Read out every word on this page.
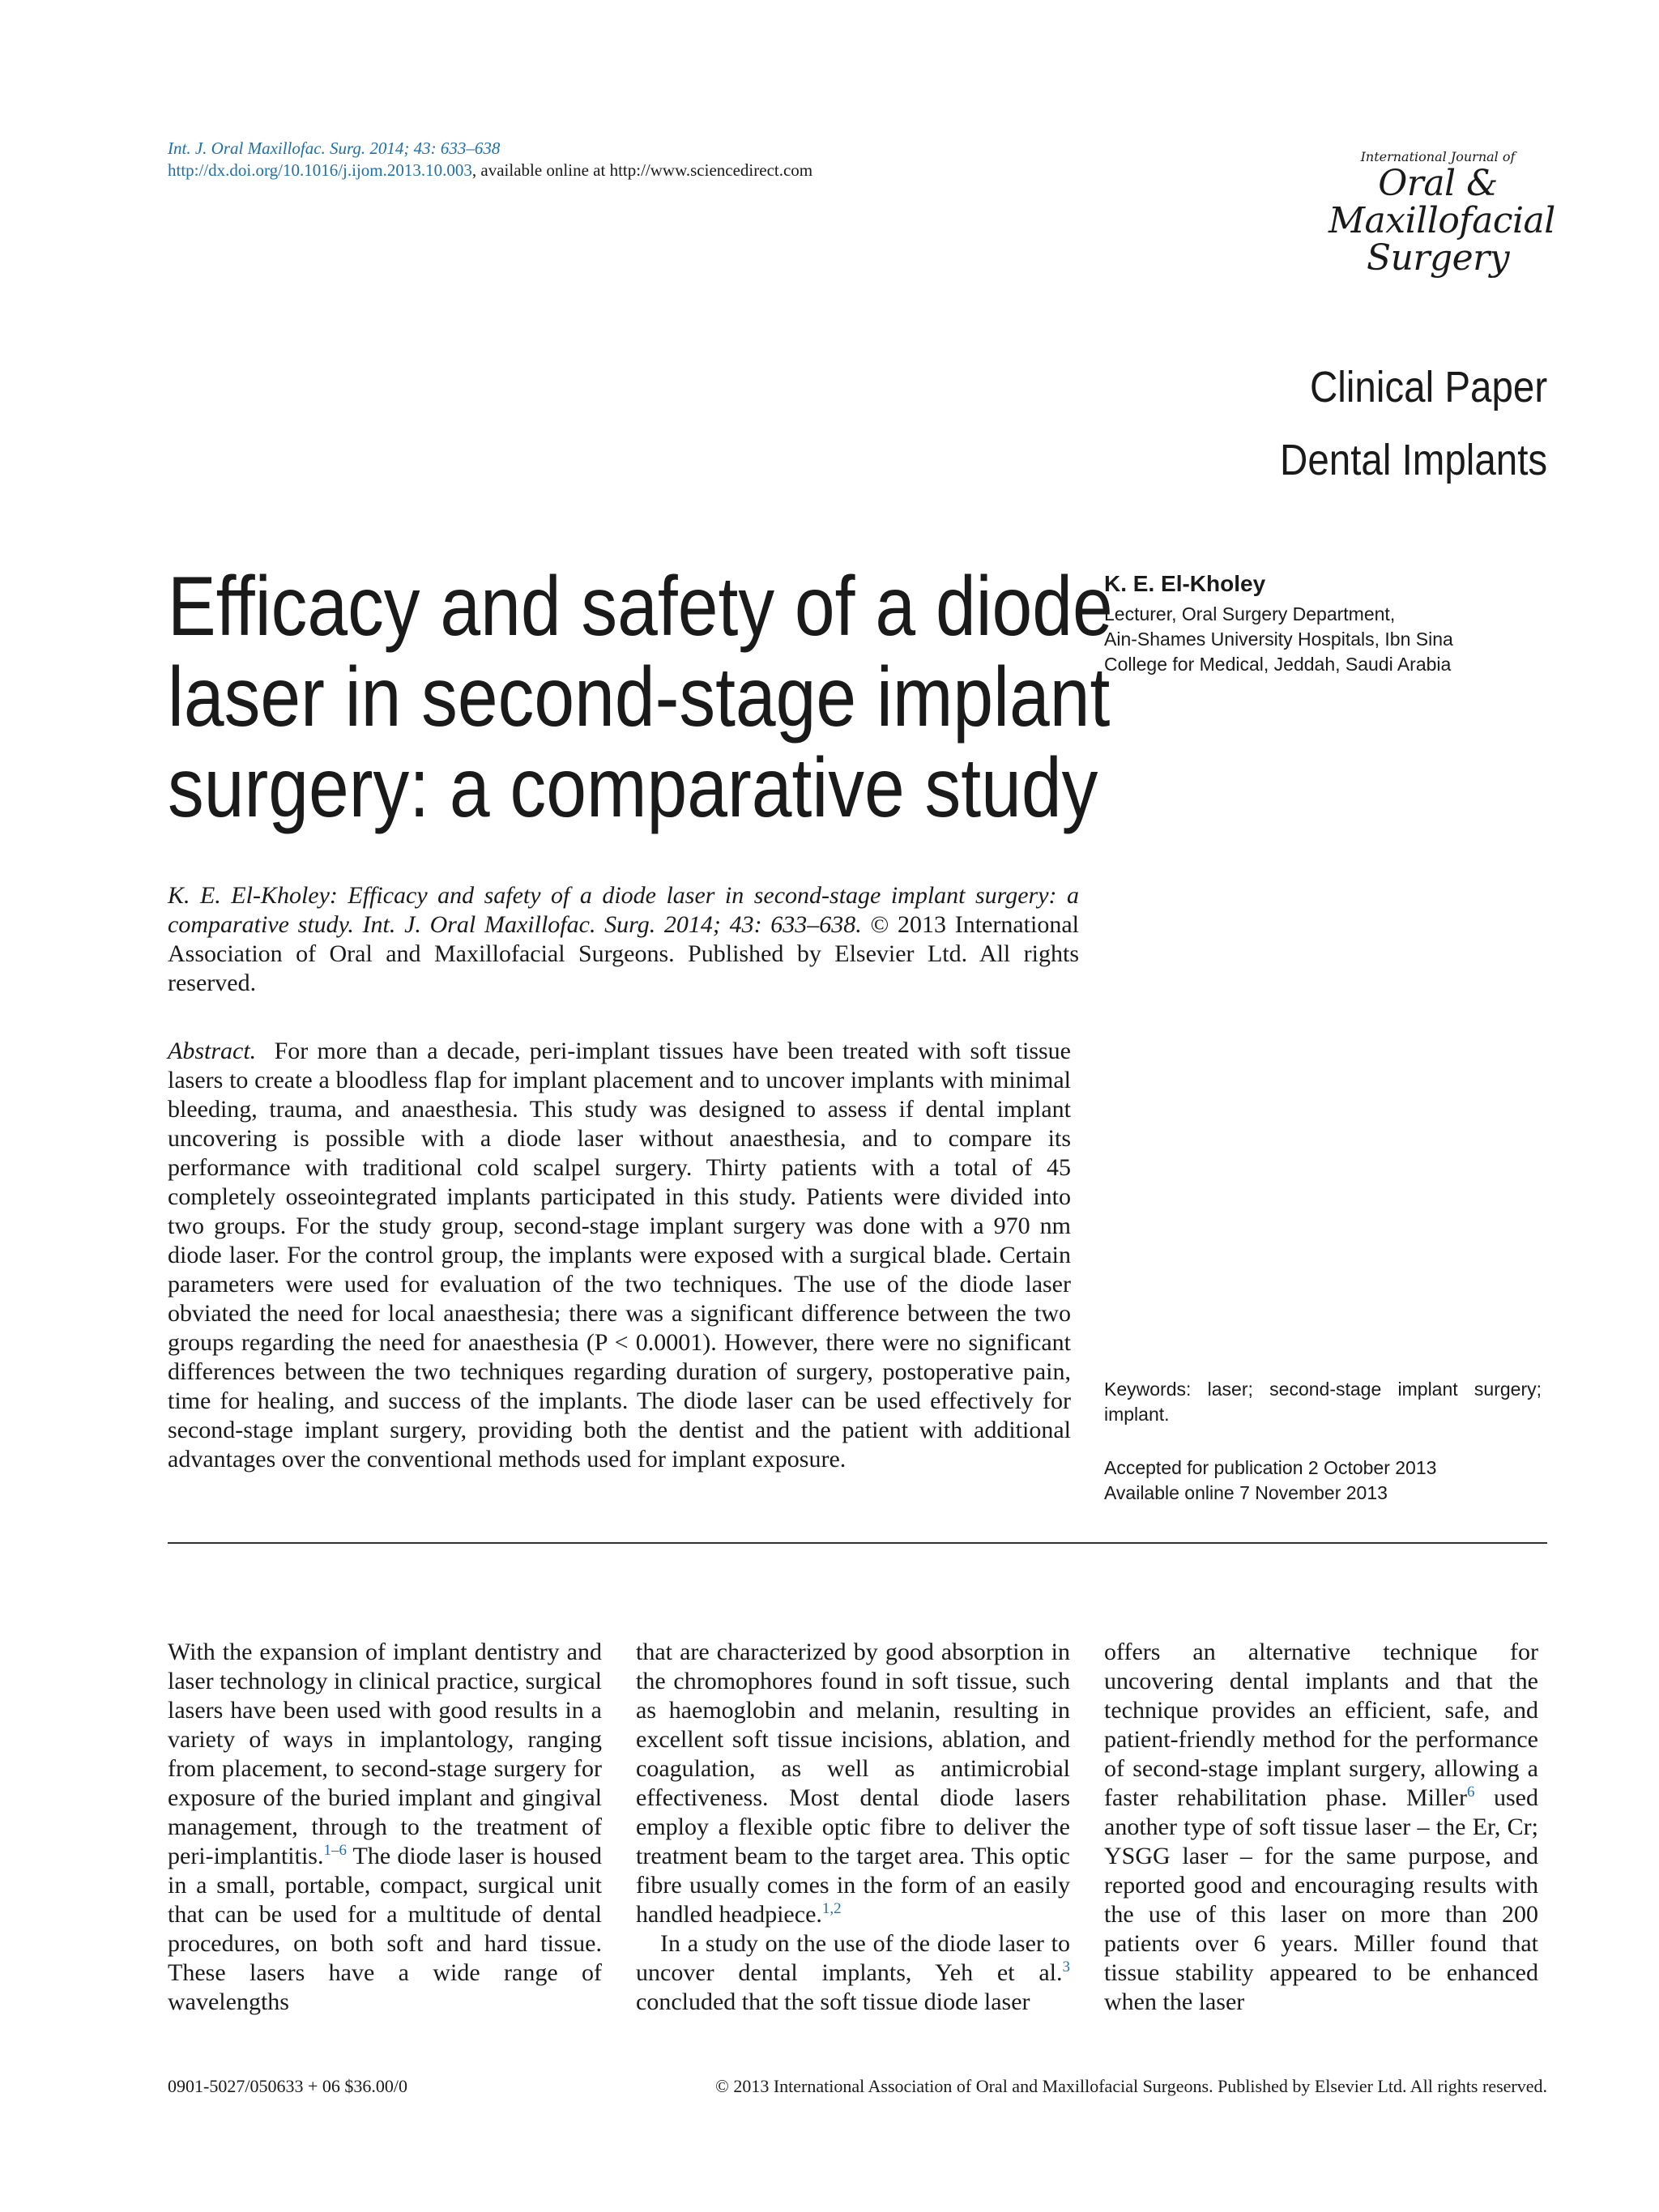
Int. J. Oral Maxillofac. Surg. 2014; 43: 633–638
http://dx.doi.org/10.1016/j.ijom.2013.10.003, available online at http://www.sciencedirect.com
International Journal of
Oral &
Maxillofacial
Surgery
Clinical Paper
Dental Implants
Efficacy and safety of a diode
laser in second-stage implant
surgery: a comparative study
K. E. El-Kholey
Lecturer, Oral Surgery Department,
Ain-Shames University Hospitals, Ibn Sina
College for Medical, Jeddah, Saudi Arabia
K. E. El-Kholey: Efficacy and safety of a diode laser in second-stage implant surgery: a comparative study. Int. J. Oral Maxillofac. Surg. 2014; 43: 633–638. © 2013 International Association of Oral and Maxillofacial Surgeons. Published by Elsevier Ltd. All rights reserved.
Abstract. For more than a decade, peri-implant tissues have been treated with soft tissue lasers to create a bloodless flap for implant placement and to uncover implants with minimal bleeding, trauma, and anaesthesia. This study was designed to assess if dental implant uncovering is possible with a diode laser without anaesthesia, and to compare its performance with traditional cold scalpel surgery. Thirty patients with a total of 45 completely osseointegrated implants participated in this study. Patients were divided into two groups. For the study group, second-stage implant surgery was done with a 970 nm diode laser. For the control group, the implants were exposed with a surgical blade. Certain parameters were used for evaluation of the two techniques. The use of the diode laser obviated the need for local anaesthesia; there was a significant difference between the two groups regarding the need for anaesthesia (P < 0.0001). However, there were no significant differences between the two techniques regarding duration of surgery, postoperative pain, time for healing, and success of the implants. The diode laser can be used effectively for second-stage implant surgery, providing both the dentist and the patient with additional advantages over the conventional methods used for implant exposure.
Keywords: laser; second-stage implant surgery; implant.
Accepted for publication 2 October 2013
Available online 7 November 2013

With the expansion of implant dentistry and laser technology in clinical practice, surgical lasers have been used with good results in a variety of ways in implantology, ranging from placement, to second-stage surgery for exposure of the buried implant and gingival management, through to the treatment of peri-implantitis.$^{1-6}$ The diode laser is housed in a small, portable, compact, surgical unit that can be used for a multitude of dental procedures, on both soft and hard tissue. These lasers have a wide range of wavelengths

that are characterized by good absorption in the chromophores found in soft tissue, such as haemoglobin and melanin, resulting in excellent soft tissue incisions, ablation, and coagulation, as well as antimicrobial effectiveness. Most dental diode lasers employ a flexible optic fibre to deliver the treatment beam to the target area. This optic fibre usually comes in the form of an easily handled headpiece.$^{1,2}$

In a study on the use of the diode laser to uncover dental implants, Yeh et al.$^3$ concluded that the soft tissue diode laser

offers an alternative technique for uncovering dental implants and that the technique provides an efficient, safe, and patient-friendly method for the performance of second-stage implant surgery, allowing a faster rehabilitation phase. Miller$^6$ used another type of soft tissue laser – the Er, Cr; YSGG laser – for the same purpose, and reported good and encouraging results with the use of this laser on more than 200 patients over 6 years. Miller found that tissue stability appeared to be enhanced when the laser

0901-5027/050633 + 06 $36.00/0	© 2013 International Association of Oral and Maxillofacial Surgeons. Published by Elsevier Ltd. All rights reserved.
